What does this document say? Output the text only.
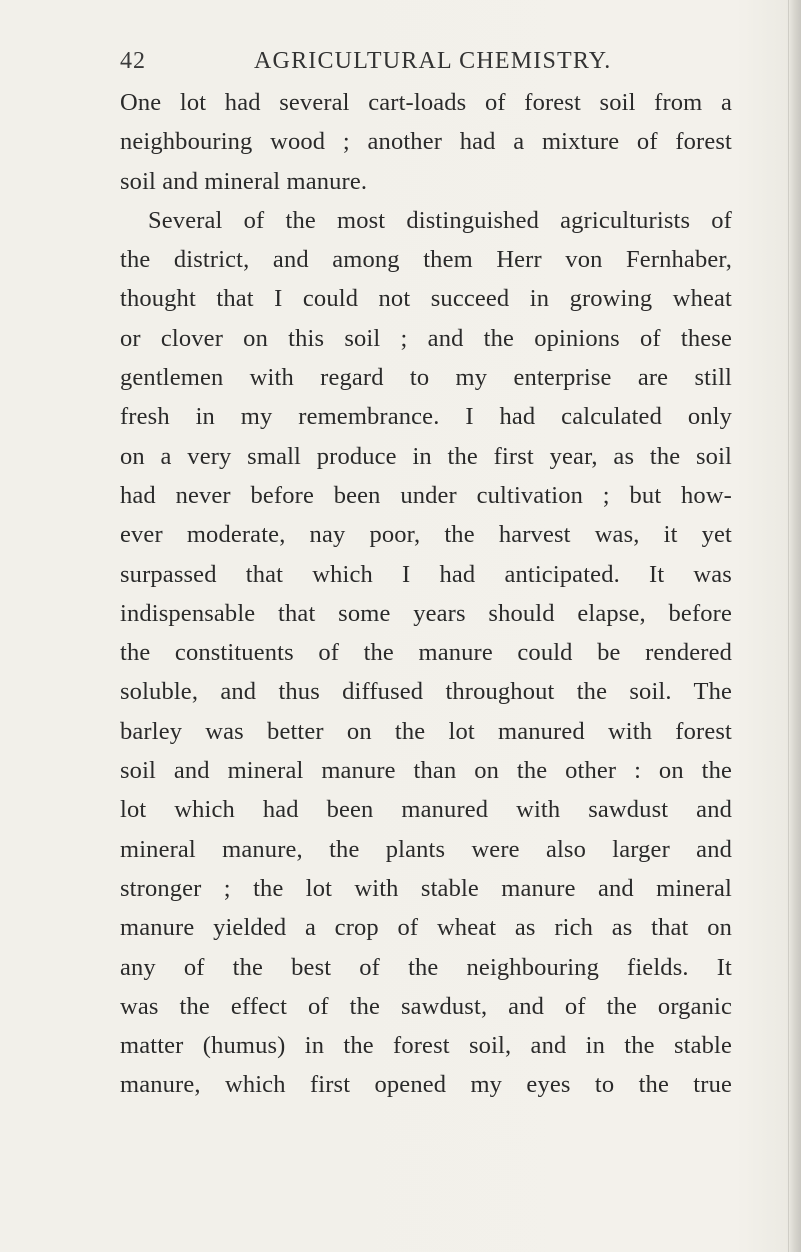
42	AGRICULTURAL CHEMISTRY.
One lot had several cart-loads of forest soil from a
neighbouring wood ; another had a mixture of forest
soil and mineral manure.
Several of the most distinguished agriculturists of
the district, and among them Herr von Fernhaber,
thought that I could not succeed in growing wheat
or clover on this soil ; and the opinions of these
gentlemen with regard to my enterprise are still
fresh in my remembrance. I had calculated only
on a very small produce in the first year, as the soil
had never before been under cultivation ; but how-
ever moderate, nay poor, the harvest was, it yet
surpassed that which I had anticipated. It was
indispensable that some years should elapse, before
the constituents of the manure could be rendered
soluble, and thus diffused throughout the soil. The
barley was better on the lot manured with forest
soil and mineral manure than on the other : on the
lot which had been manured with sawdust and
mineral manure, the plants were also larger and
stronger ; the lot with stable manure and mineral
manure yielded a crop of wheat as rich as that on
any of the best of the neighbouring fields. It
was the effect of the sawdust, and of the organic
matter (humus) in the forest soil, and in the stable
manure, which first opened my eyes to the true
